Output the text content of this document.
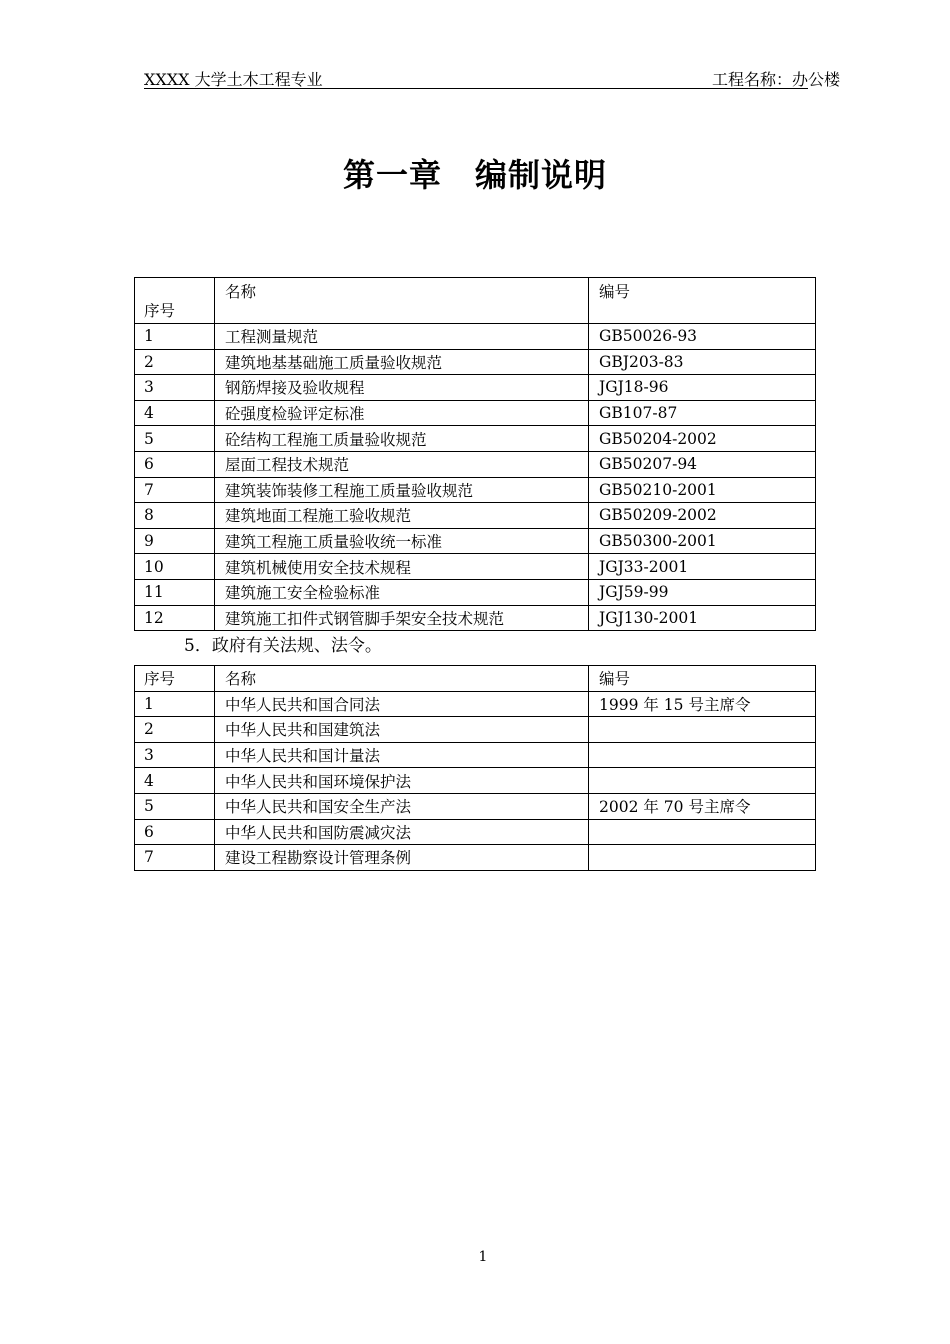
XXXX 大学土木工程专业	工程名称：办公楼
第一章　编制说明
序号	名称	编号
1	工程测量规范	GB50026-93
2	建筑地基基础施工质量验收规范	GBJ203-83
3	钢筋焊接及验收规程	JGJ18-96
4	砼强度检验评定标准	GB107-87
5	砼结构工程施工质量验收规范	GB50204-2002
6	屋面工程技术规范	GB50207-94
7	建筑装饰装修工程施工质量验收规范	GB50210-2001
8	建筑地面工程施工验收规范	GB50209-2002
9	建筑工程施工质量验收统一标准	GB50300-2001
10	建筑机械使用安全技术规程	JGJ33-2001
11	建筑施工安全检验标准	JGJ59-99
12	建筑施工扣件式钢管脚手架安全技术规范	JGJ130-2001
5．政府有关法规、法令。
序号	名称	编号
1	中华人民共和国合同法	1999 年 15 号主席令
2	中华人民共和国建筑法	
3	中华人民共和国计量法	
4	中华人民共和国环境保护法	
5	中华人民共和国安全生产法	2002 年 70 号主席令
6	中华人民共和国防震减灾法	
7	建设工程勘察设计管理条例	
1
